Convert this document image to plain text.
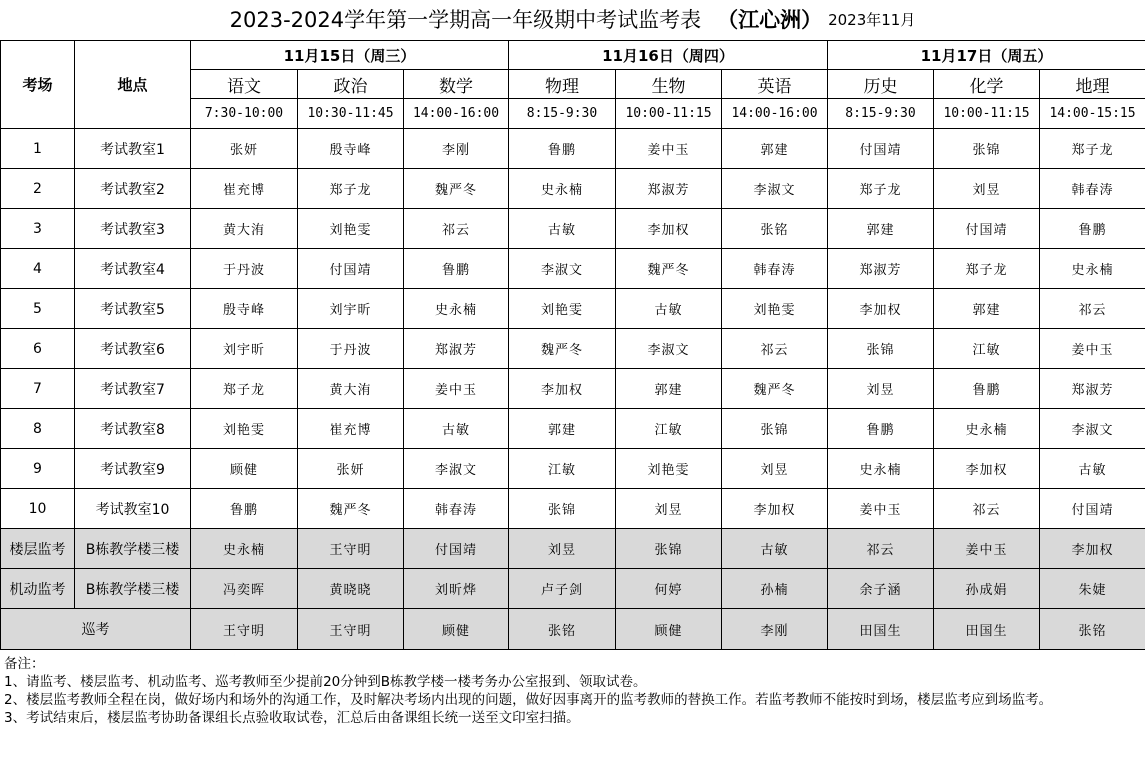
2023-2024学年第一学期高一年级期中考试监考表 （江心洲） 2023年11月
考场	地点	11月15日（周三）			11月16日（周四）			11月17日（周五）		
		语文	政治	数学	物理	生物	英语	历史	化学	地理
		7:30-10:00	10:30-11:45	14:00-16:00	8:15-9:30	10:00-11:15	14:00-16:00	8:15-9:30	10:00-11:15	14:00-15:15
1	考试教室1	张妍	殷寺峰	李刚	鲁鹏	姜中玉	郭建	付国靖	张锦	郑子龙
2	考试教室2	崔充博	郑子龙	魏严冬	史永楠	郑淑芳	李淑文	郑子龙	刘昱	韩春涛
3	考试教室3	黄大洧	刘艳雯	祁云	古敏	李加权	张铭	郭建	付国靖	鲁鹏
4	考试教室4	于丹波	付国靖	鲁鹏	李淑文	魏严冬	韩春涛	郑淑芳	郑子龙	史永楠
5	考试教室5	殷寺峰	刘宇昕	史永楠	刘艳雯	古敏	刘艳雯	李加权	郭建	祁云
6	考试教室6	刘宇昕	于丹波	郑淑芳	魏严冬	李淑文	祁云	张锦	江敏	姜中玉
7	考试教室7	郑子龙	黄大洧	姜中玉	李加权	郭建	魏严冬	刘昱	鲁鹏	郑淑芳
8	考试教室8	刘艳雯	崔充博	古敏	郭建	江敏	张锦	鲁鹏	史永楠	李淑文
9	考试教室9	顾健	张妍	李淑文	江敏	刘艳雯	刘昱	史永楠	李加权	古敏
10	考试教室10	鲁鹏	魏严冬	韩春涛	张锦	刘昱	李加权	姜中玉	祁云	付国靖
楼层监考	B栋教学楼三楼	史永楠	王守明	付国靖	刘昱	张锦	古敏	祁云	姜中玉	李加权
机动监考	B栋教学楼三楼	冯奕晖	黄晓晓	刘昕烨	卢子剑	何婷	孙楠	余子涵	孙成娟	朱婕
巡考		王守明	王守明	顾健	张铭	顾健	李刚	田国生	田国生	张铭
备注：
1、请监考、楼层监考、机动监考、巡考教师至少提前20分钟到B栋教学楼一楼考务办公室报到、领取试卷。
2、楼层监考教师全程在岗，做好场内和场外的沟通工作，及时解决考场内出现的问题，做好因事离开的监考教师的替换工作。若监考教师不能按时到场，楼层监考应到场监考。
3、考试结束后，楼层监考协助备课组长点验收取试卷，汇总后由备课组长统一送至文印室扫描。
